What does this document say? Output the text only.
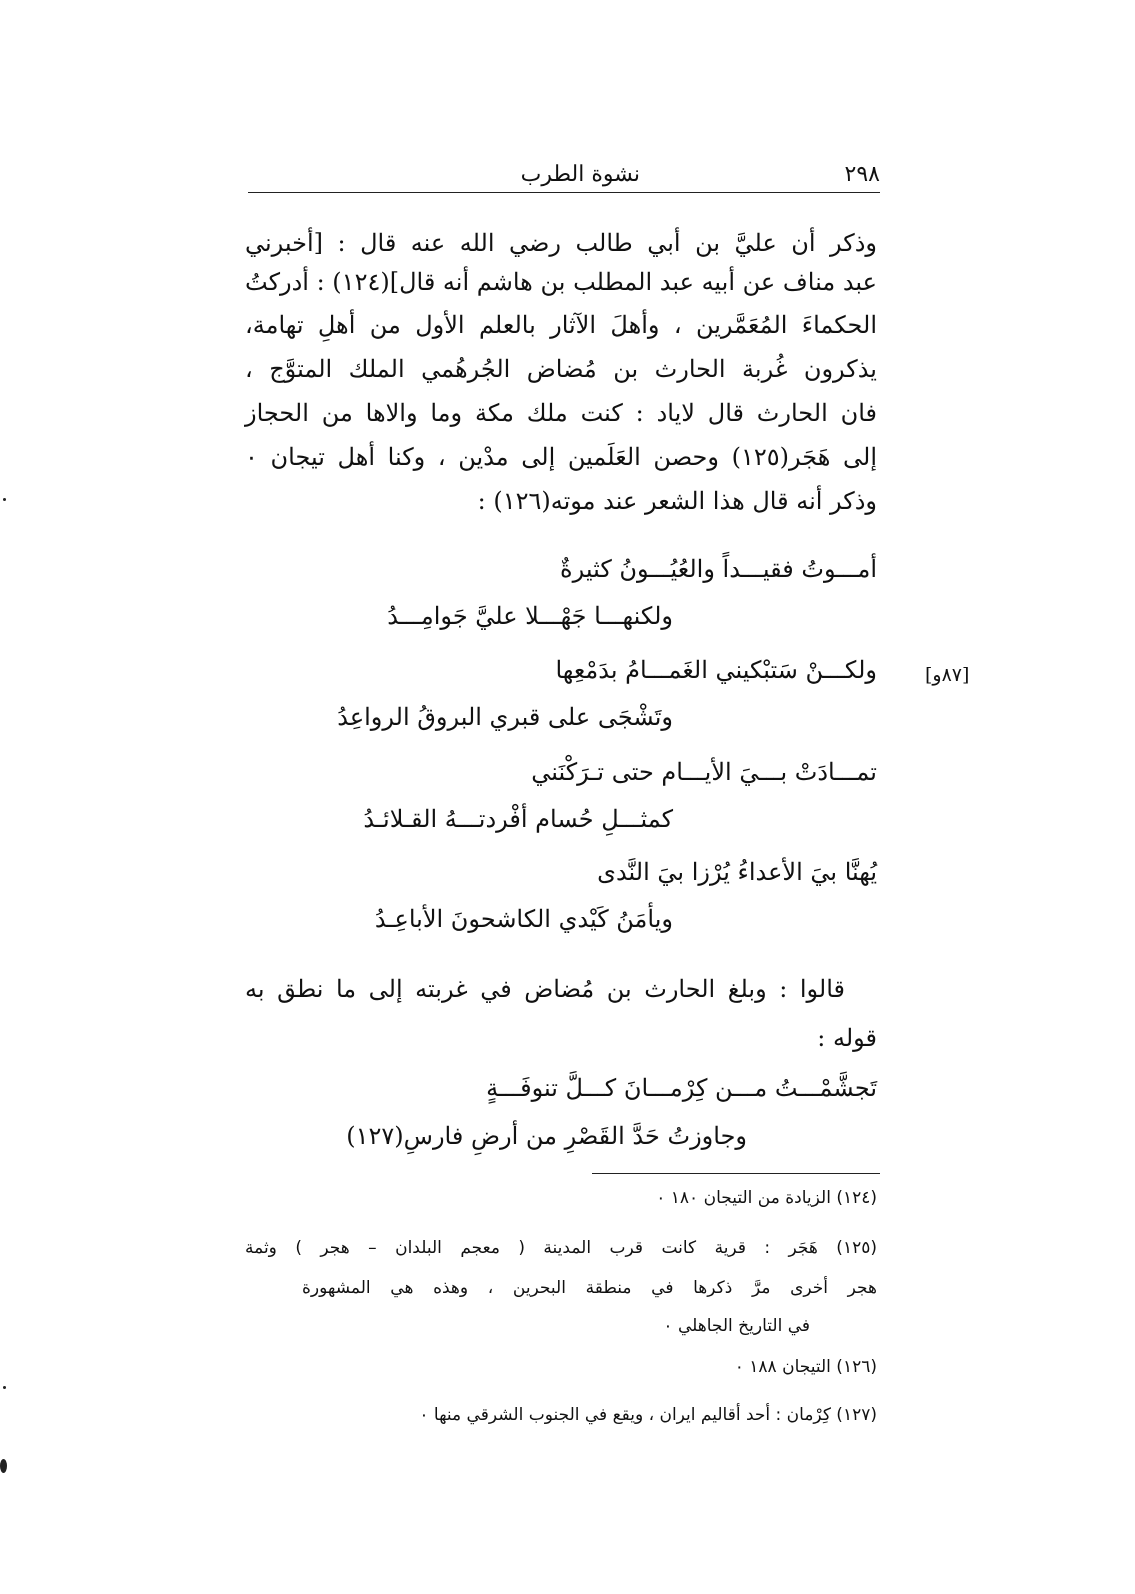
٢٩٨
نشوة الطرب
[٨٧و]
وذكر أن عليَّ بن أبي طالب رضي الله عنه قال : [أخبرني
عبد مناف عن أبيه عبد المطلب بن هاشم أنه قال](١٢٤) : أدركتُ
الحكماءَ المُعَمَّرين ، وأهلَ الآثار بالعلم الأول من أهلِ تهامة،
يذكرون غُربة الحارث بن مُضاض الجُرهُمي الملك المتوَّج ،
فان الحارث قال لاياد : كنت ملك مكة وما والاها من الحجاز
إلى هَجَر(١٢٥) وحصن العَلَمين إلى مدْين ، وكنا أهل تيجان ٠
وذكر أنه قال هذا الشعر عند موته(١٢٦) :
أمـــوتُ فقيـــداً والعُيُـــونُ كثيرةٌ
ولكنهـــا جَهْـــلا عليَّ جَوامِـــدُ
ولكـــنْ سَتبْكيني الغَمـــامُ بدَمْعِها
وتَشْجَى على قبري البروقُ الرواعِدُ
تمـــادَتْ بـــيَ الأيـــام حتى تـرَكْنَني
كمثـــلِ حُسام أفْردتـــهُ القـلائـدُ
يُهنَّا بيَ الأعداءُ يُرْزا بيَ النَّدى
ويأمَنُ كَيْدي الكاشحونَ الأباعِـدُ
قالوا : وبلغ الحارث بن مُضاض في غربته إلى ما نطق به
قوله :
تَجشَّمْـــتُ مـــن كِرْمـــانَ كـــلَّ تنوفَـــةٍ
وجاوزتُ حَدَّ القَصْرِ من أرضِ فارسِ(١٢٧)
(١٢٤) الزيادة من التيجان ١٨٠ ٠
(١٢٥) هَجَر : قرية كانت قرب المدينة ( معجم البلدان – هجر ) وثمة
هجر أخرى مرَّ ذكرها في منطقة البحرين ، وهذه هي المشهورة
في التاريخ الجاهلي ٠
(١٢٦) التيجان ١٨٨ ٠
(١٢٧) كِرْمان : أحد أقاليم ايران ، ويقع في الجنوب الشرقي منها ٠
